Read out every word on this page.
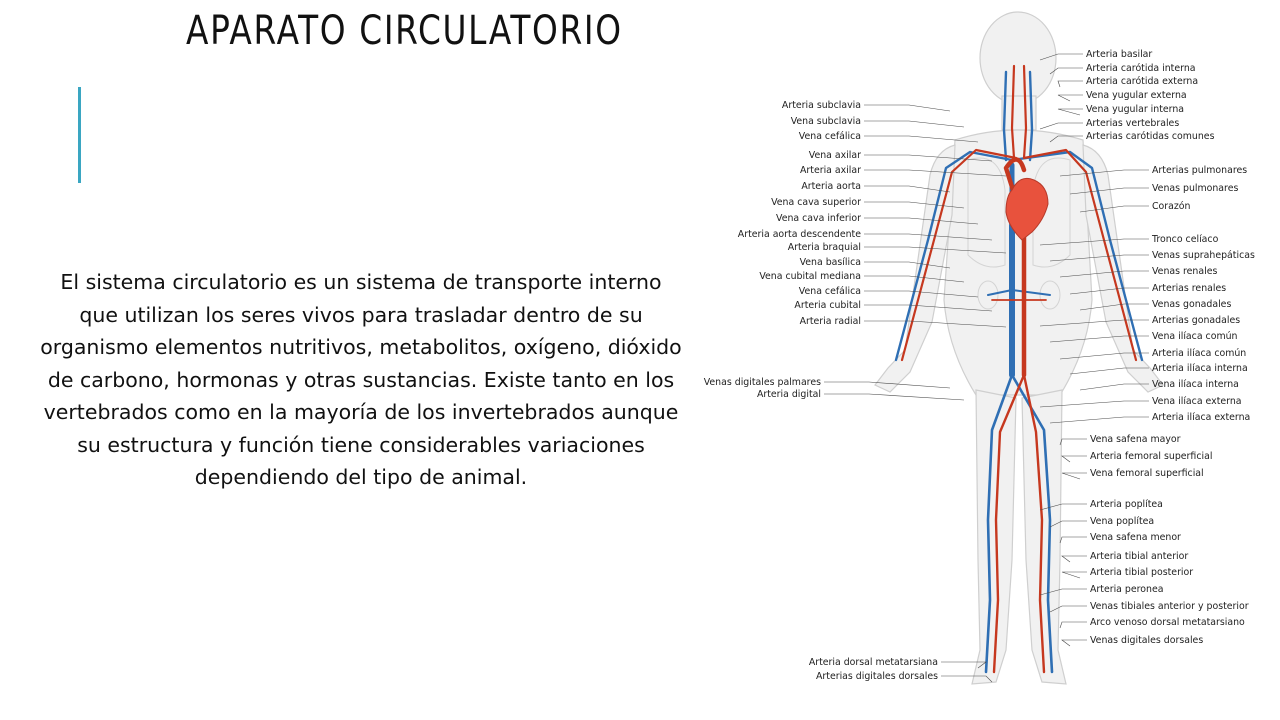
APARATO CIRCULATORIO

El sistema circulatorio es un sistema de transporte interno que utilizan los seres vivos para trasladar dentro de su organismo elementos nutritivos, metabolitos, oxígeno, dióxido de carbono, hormonas y otras sustancias. Existe tanto en los vertebrados como en la mayoría de los invertebrados aunque su estructura y función tiene considerables variaciones dependiendo del tipo de animal.

Arteria subclavia
Vena subclavia
Vena cefálica
Vena axilar
Arteria axilar
Arteria aorta
Vena cava superior
Vena cava inferior
Arteria aorta descendente
Arteria braquial
Vena basílica
Vena cubital mediana
Vena cefálica
Arteria cubital
Arteria radial
Venas digitales palmares
Arteria digital
Arteria dorsal metatarsiana
Arterias digitales dorsales
Arteria basilar
Arteria carótida interna
Arteria carótida externa
Vena yugular externa
Vena yugular interna
Arterias vertebrales
Arterias carótidas comunes
Arterias pulmonares
Venas pulmonares
Corazón
Tronco celíaco
Venas suprahepáticas
Venas renales
Arterias renales
Venas gonadales
Arterias gonadales
Vena ilíaca común
Arteria ilíaca común
Arteria ilíaca interna
Vena ilíaca interna
Vena ilíaca externa
Arteria ilíaca externa
Vena safena mayor
Arteria femoral superficial
Vena femoral superficial
Arteria poplítea
Vena poplítea
Vena safena menor
Arteria tibial anterior
Arteria tibial posterior
Arteria peronea
Venas tibiales anterior y posterior
Arco venoso dorsal metatarsiano
Venas digitales dorsales
